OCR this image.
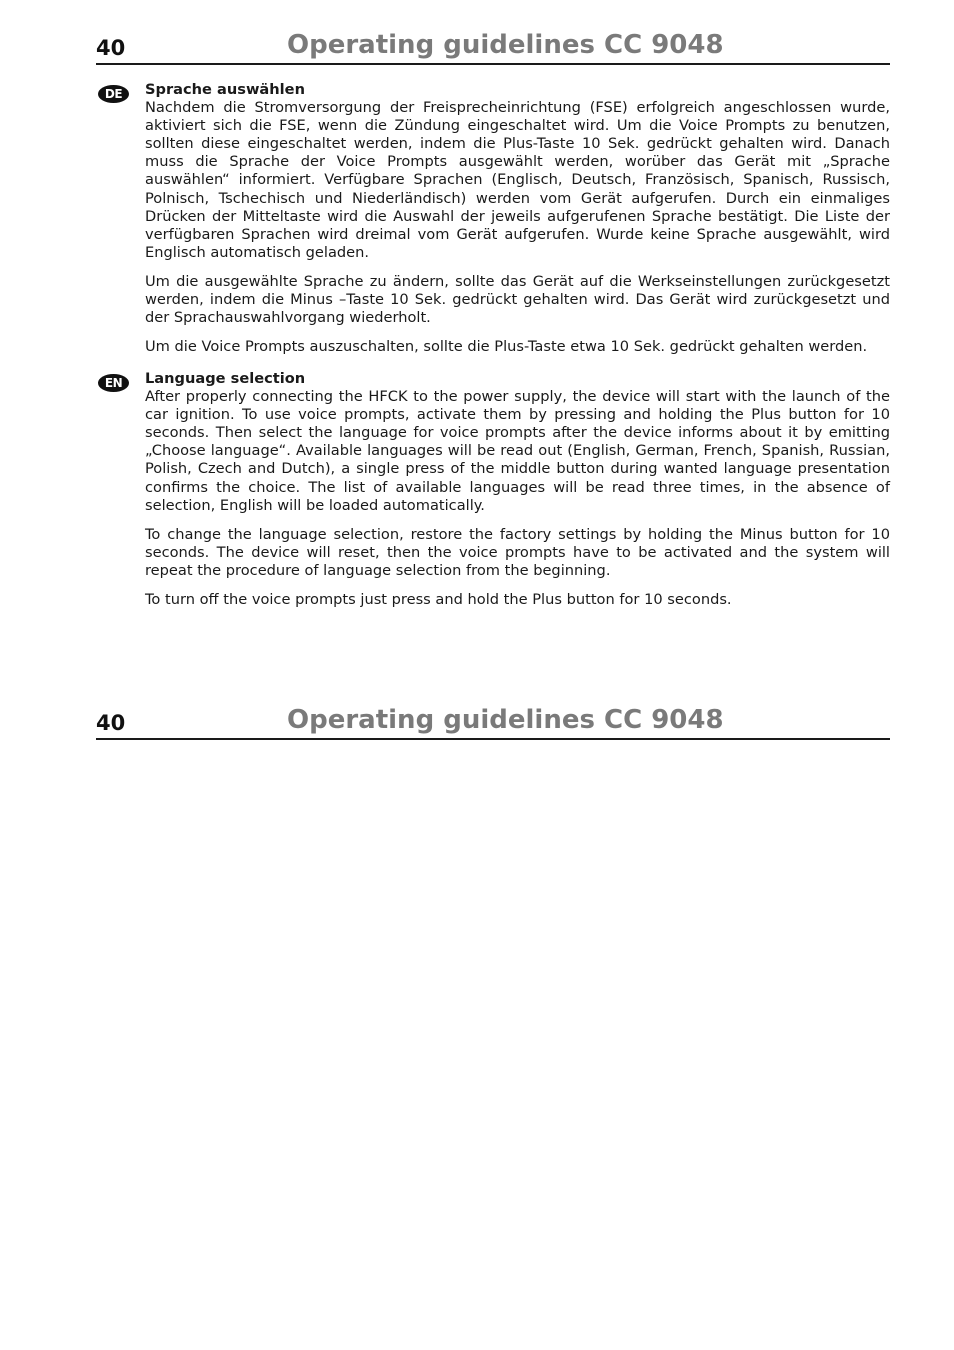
40	Operating guidelines CC 9048
DE	Sprache auswählen

Nachdem die Stromversorgung der Freisprecheinrichtung (FSE) erfolgreich angeschlossen wurde, aktiviert sich die FSE, wenn die Zündung eingeschaltet wird. Um die Voice Prompts zu benutzen, sollten diese eingeschaltet werden, indem die Plus-Taste 10 Sek. gedrückt gehalten wird. Danach muss die Sprache der Voice Prompts ausgewählt werden, worüber das Gerät mit „Sprache auswählen“ informiert. Verfügbare Sprachen (Englisch, Deutsch, Französisch, Spanisch, Russisch, Polnisch, Tschechisch und Niederländisch) werden vom Gerät aufgerufen. Durch ein einmaliges Drücken der Mitteltaste wird die Auswahl der jeweils aufgerufenen Sprache bestätigt. Die Liste der verfügbaren Sprachen wird dreimal vom Gerät aufgerufen. Wurde keine Sprache ausgewählt, wird Englisch automatisch geladen.

Um die ausgewählte Sprache zu ändern, sollte das Gerät auf die Werkseinstellungen zurückgesetzt werden, indem die Minus –Taste 10 Sek. gedrückt gehalten wird. Das Gerät wird zurückgesetzt und der Sprachauswahlvorgang wiederholt.

Um die Voice Prompts auszuschalten, sollte die Plus-Taste etwa 10 Sek. gedrückt gehalten werden.

EN	Language selection

After properly connecting the HFCK to the power supply, the device will start with the launch of the car ignition. To use voice prompts, activate them by pressing and holding the Plus button for 10 seconds. Then select the language for voice prompts after the device informs about it by emitting „Choose language“. Available languages will be read out (English, German, French, Spanish, Russian, Polish, Czech and Dutch), a single press of the middle button during wanted language presentation confirms the choice. The list of available languages will be read three times, in the absence of selection, English will be loaded automatically.

To change the language selection, restore the factory settings by holding the Minus button for 10 seconds. The device will reset, then the voice prompts have to be activated and the system will repeat the procedure of language selection from the beginning.

To turn off the voice prompts just press and hold the Plus button for 10 seconds.

40	Operating guidelines CC 9048
